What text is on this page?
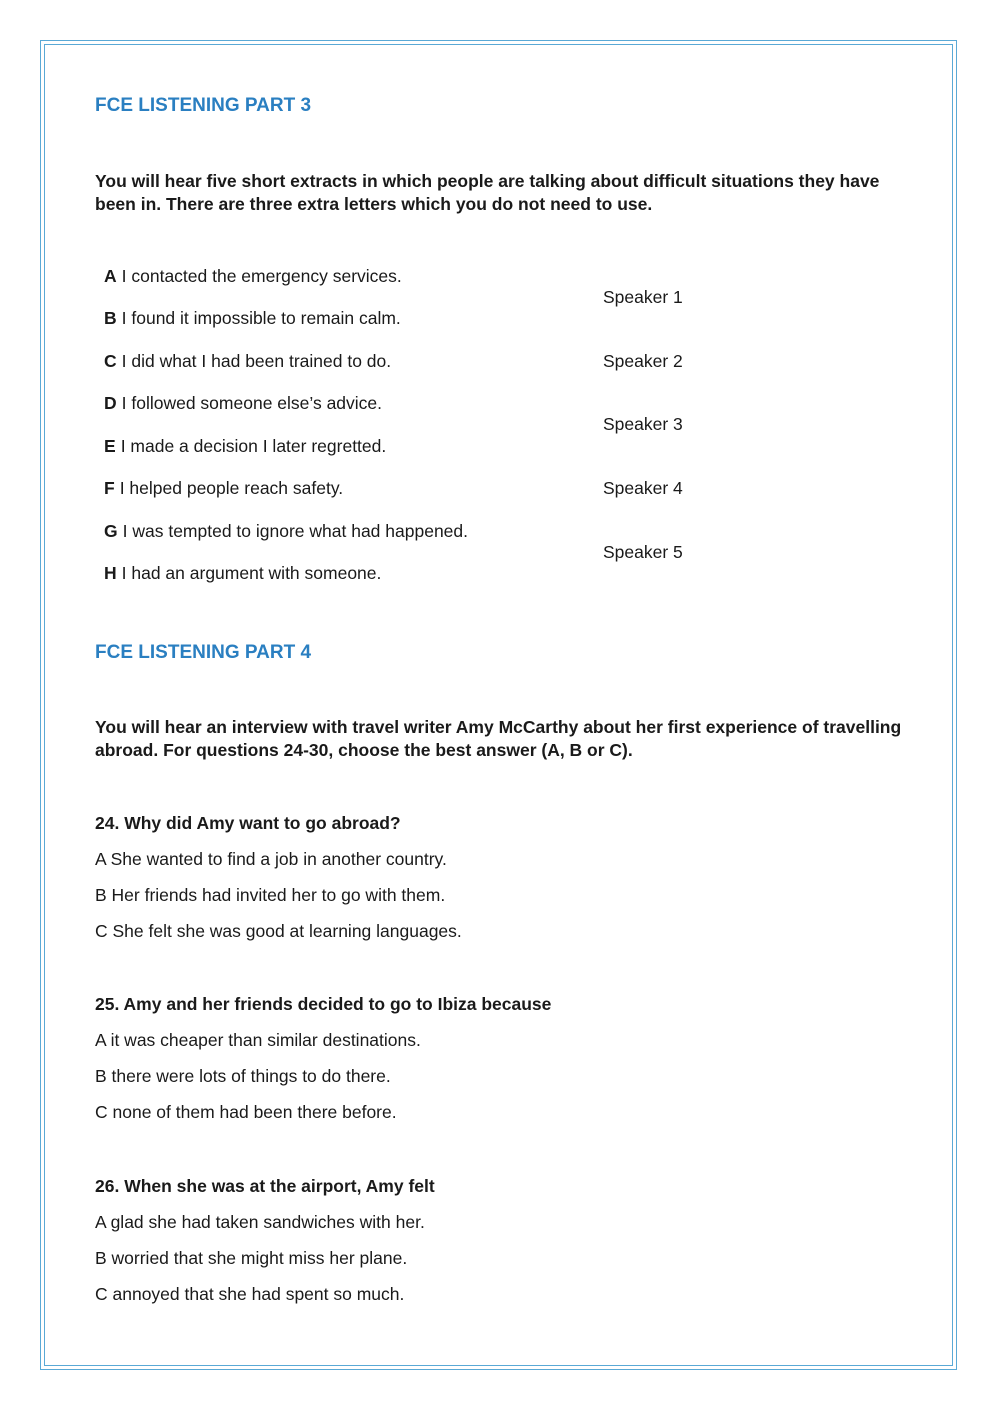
FCE LISTENING PART 3
You will hear five short extracts in which people are talking about difficult situations they have been in. There are three extra letters which you do not need to use.
A I contacted the emergency services.
B I found it impossible to remain calm.
C I did what I had been trained to do.
D I followed someone else’s advice.
E I made a decision I later regretted.
F I helped people reach safety.
G I was tempted to ignore what had happened.
H I had an argument with someone.
Speaker 1
Speaker 2
Speaker 3
Speaker 4
Speaker 5
FCE LISTENING PART 4
You will hear an interview with travel writer Amy McCarthy about her first experience of travelling abroad. For questions 24-30, choose the best answer (A, B or C).
24. Why did Amy want to go abroad?
A She wanted to find a job in another country.
B Her friends had invited her to go with them.
C She felt she was good at learning languages.
25. Amy and her friends decided to go to Ibiza because
A it was cheaper than similar destinations.
B there were lots of things to do there.
C none of them had been there before.
26. When she was at the airport, Amy felt
A glad she had taken sandwiches with her.
B worried that she might miss her plane.
C annoyed that she had spent so much.
